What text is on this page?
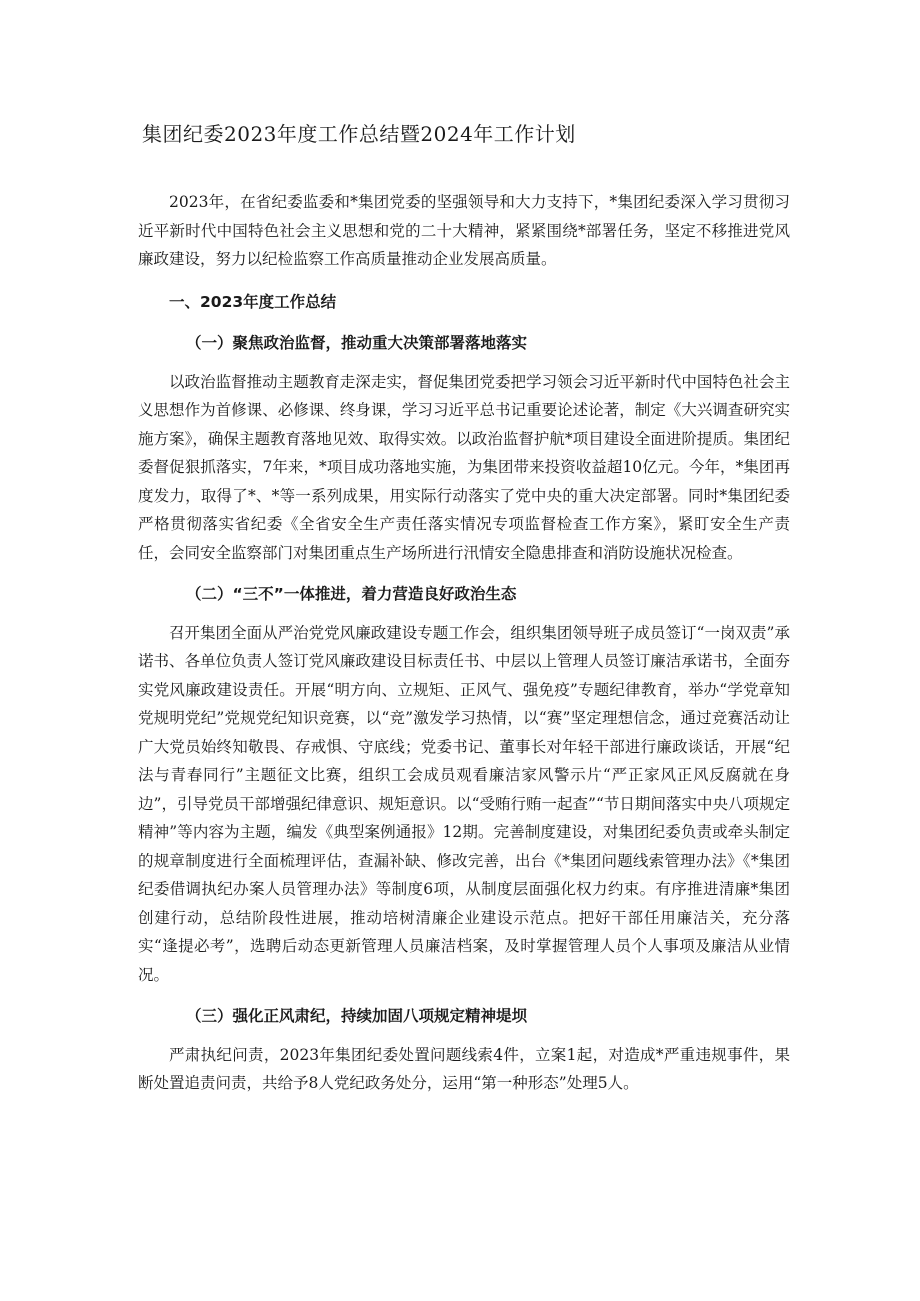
集团纪委2023年度工作总结暨2024年工作计划

2023年，在省纪委监委和*集团党委的坚强领导和大力支持下，*集团纪委深入学习贯彻习近平新时代中国特色社会主义思想和党的二十大精神，紧紧围绕*部署任务，坚定不移推进党风廉政建设，努力以纪检监察工作高质量推动企业发展高质量。

一、2023年度工作总结
（一）聚焦政治监督，推动重大决策部署落地落实

以政治监督推动主题教育走深走实，督促集团党委把学习领会习近平新时代中国特色社会主义思想作为首修课、必修课、终身课，学习习近平总书记重要论述论著，制定《大兴调查研究实施方案》，确保主题教育落地见效、取得实效。以政治监督护航*项目建设全面进阶提质。集团纪委督促狠抓落实，7年来，*项目成功落地实施，为集团带来投资收益超10亿元。今年，*集团再度发力，取得了*、*等一系列成果，用实际行动落实了党中央的重大决定部署。同时*集团纪委严格贯彻落实省纪委《全省安全生产责任落实情况专项监督检查工作方案》，紧盯安全生产责任，会同安全监察部门对集团重点生产场所进行汛情安全隐患排查和消防设施状况检查。

（二）“三不”一体推进，着力营造良好政治生态

召开集团全面从严治党党风廉政建设专题工作会，组织集团领导班子成员签订“一岗双责”承诺书、各单位负责人签订党风廉政建设目标责任书、中层以上管理人员签订廉洁承诺书，全面夯实党风廉政建设责任。开展“明方向、立规矩、正风气、强免疫”专题纪律教育，举办“学党章知党规明党纪”党规党纪知识竞赛，以“竞”激发学习热情，以“赛”坚定理想信念，通过竞赛活动让广大党员始终知敬畏、存戒惧、守底线；党委书记、董事长对年轻干部进行廉政谈话，开展“纪法与青春同行”主题征文比赛，组织工会成员观看廉洁家风警示片“严正家风正风反腐就在身边”，引导党员干部增强纪律意识、规矩意识。以“受贿行贿一起查”“节日期间落实中央八项规定精神”等内容为主题，编发《典型案例通报》12期。完善制度建设，对集团纪委负责或牵头制定的规章制度进行全面梳理评估，查漏补缺、修改完善，出台《*集团问题线索管理办法》《*集团纪委借调执纪办案人员管理办法》等制度6项，从制度层面强化权力约束。有序推进清廉*集团创建行动，总结阶段性进展，推动培树清廉企业建设示范点。把好干部任用廉洁关，充分落实“逢提必考”，选聘后动态更新管理人员廉洁档案，及时掌握管理人员个人事项及廉洁从业情况。

（三）强化正风肃纪，持续加固八项规定精神堤坝

严肃执纪问责，2023年集团纪委处置问题线索4件，立案1起，对造成*严重违规事件，果断处置追责问责，共给予8人党纪政务处分，运用“第一种形态”处理5人。
